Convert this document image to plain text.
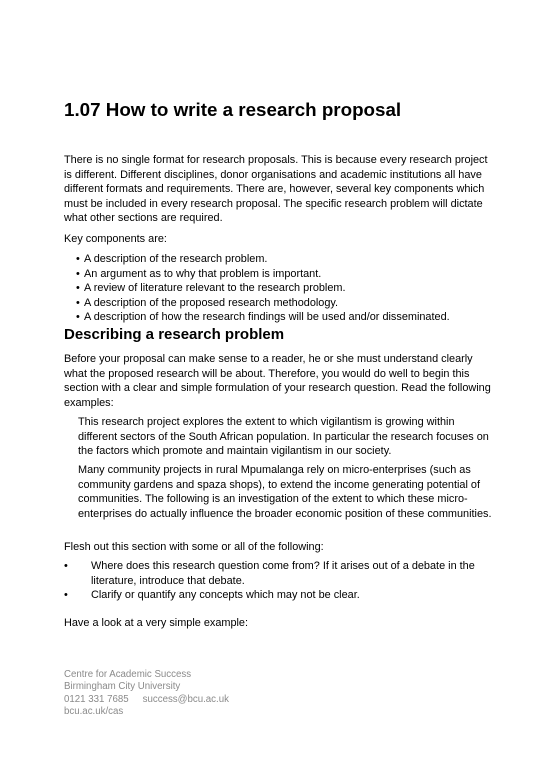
1.07 How to write a research proposal

There is no single format for research proposals. This is because every research project is different. Different disciplines, donor organisations and academic institutions all have different formats and requirements. There are, however, several key components which must be included in every research proposal. The specific research problem will dictate what other sections are required.

Key components are:

•
A description of the research problem.
•
An argument as to why that problem is important.
•
A review of literature relevant to the research problem.
•
A description of the proposed research methodology.
•
A description of how the research findings will be used and/or disseminated.
Describing a research problem

Before your proposal can make sense to a reader, he or she must understand clearly what the proposed research will be about. Therefore, you would do well to begin this section with a clear and simple formulation of your research question. Read the following examples:

This research project explores the extent to which vigilantism is growing within different sectors of the South African population. In particular the research focuses on the factors which promote and maintain vigilantism in our society.

Many community projects in rural Mpumalanga rely on micro-enterprises (such as community gardens and spaza shops), to extend the income generating potential of communities. The following is an investigation of the extent to which these micro-enterprises do actually influence the broader economic position of these communities.

Flesh out this section with some or all of the following:

•
Where does this research question come from? If it arises out of a debate in the literature, introduce that debate.
•
Clarify or quantify any concepts which may not be clear.

Have a look at a very simple example:

Centre for Academic Success
Birmingham City University
0121 331 7685 success@bcu.ac.uk
bcu.ac.uk/cas
